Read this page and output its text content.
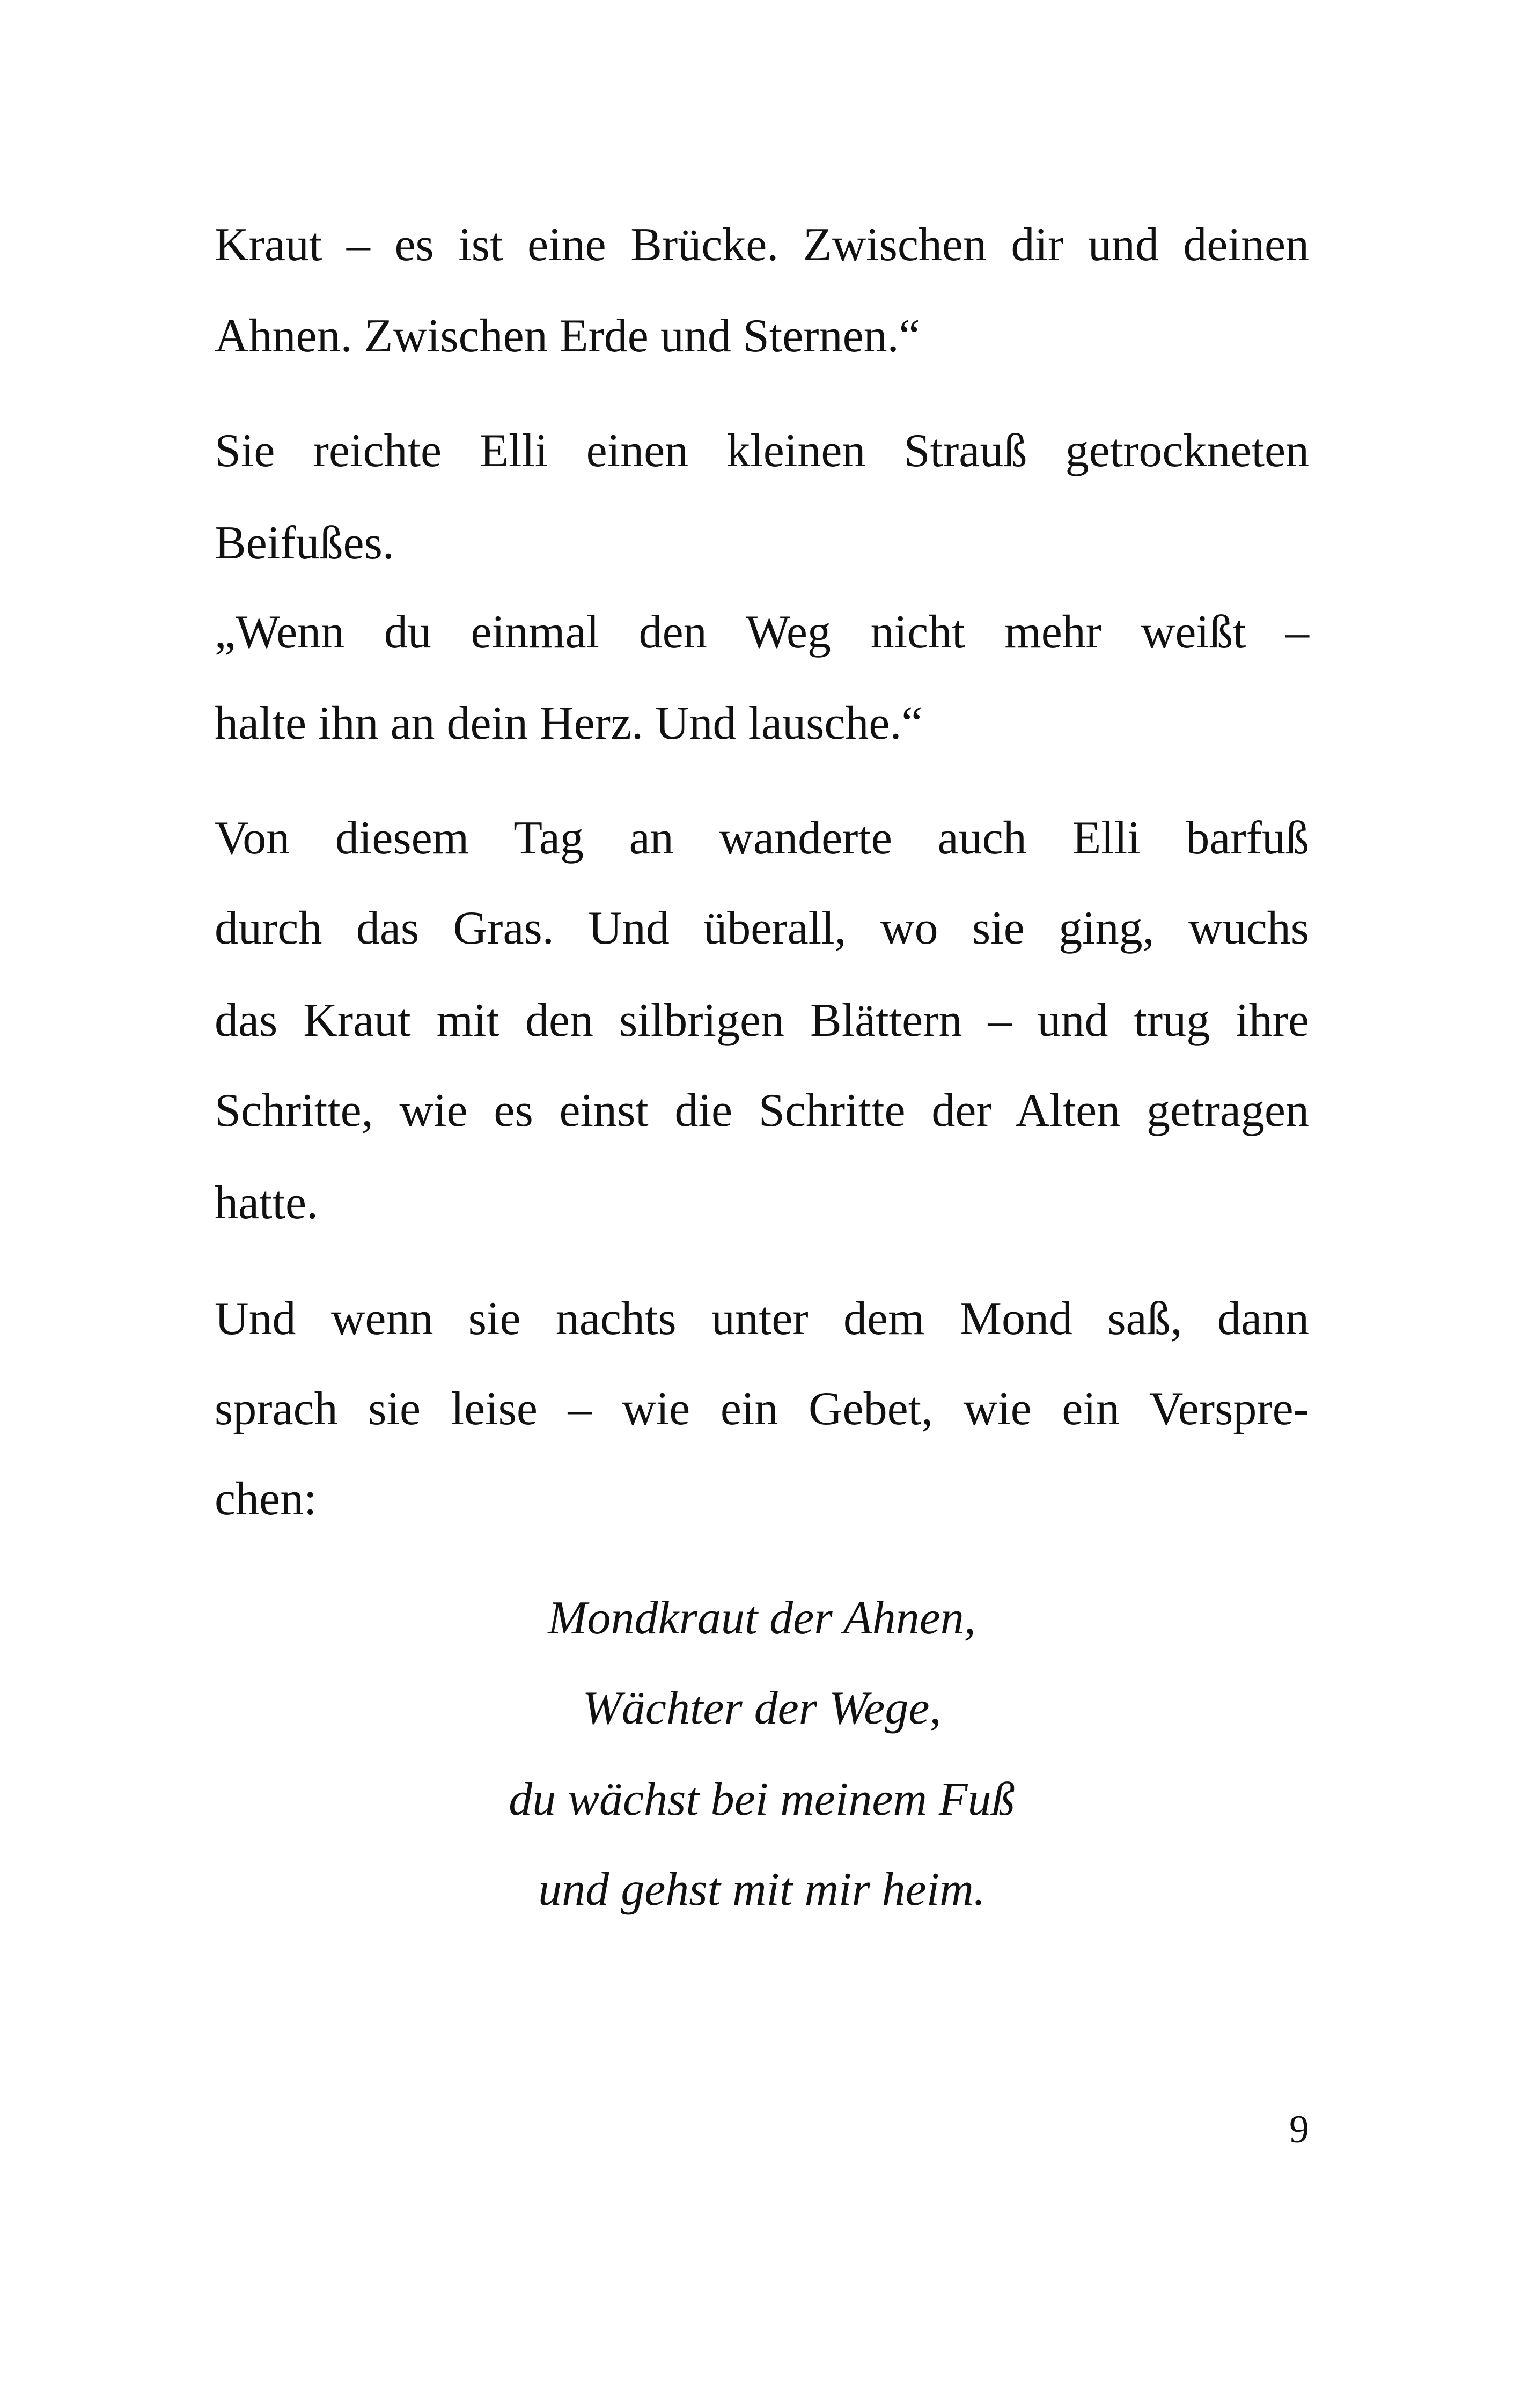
Kraut – es ist eine Brücke. Zwischen dir und deinen
Ahnen. Zwischen Erde und Sternen.“
Sie reichte Elli einen kleinen Strauß getrockneten
Beifußes.
„Wenn du einmal den Weg nicht mehr weißt –
halte ihn an dein Herz. Und lausche.“
Von diesem Tag an wanderte auch Elli barfuß
durch das Gras. Und überall, wo sie ging, wuchs
das Kraut mit den silbrigen Blättern – und trug ihre
Schritte, wie es einst die Schritte der Alten getragen
hatte.
Und wenn sie nachts unter dem Mond saß, dann
sprach sie leise – wie ein Gebet, wie ein Verspre-
chen:
Mondkraut der Ahnen,
Wächter der Wege,
du wächst bei meinem Fuß
und gehst mit mir heim.
9
